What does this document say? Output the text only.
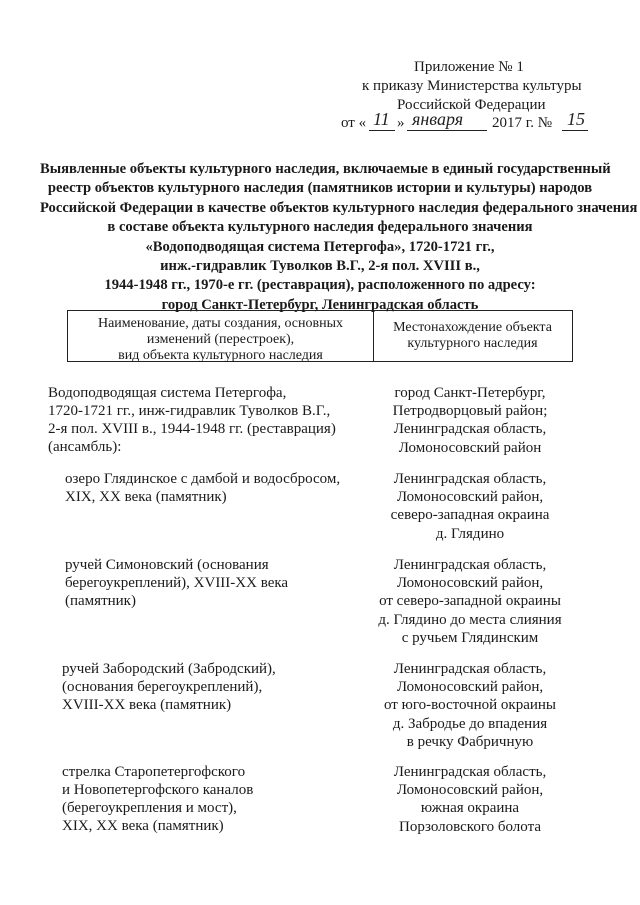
Приложение № 1
к приказу Министерства культуры
Российской Федерации
от « 11 » января 2017 г. № 15
Выявленные объекты культурного наследия, включаемые в единый государственный
реестр объектов культурного наследия (памятников истории и культуры) народов
Российской Федерации в качестве объектов культурного наследия федерального значения
в составе объекта культурного наследия федерального значения
«Водоподводящая система Петергофа», 1720-1721 гг.,
инж.-гидравлик Туволков В.Г., 2-я пол. XVIII в.,
1944-1948 гг., 1970-е гг. (реставрация), расположенного по адресу:
город Санкт-Петербург, Ленинградская область
Наименование, даты создания, основных
изменений (перестроек),
вид объекта культурного наследия
Местонахождение объекта
культурного наследия
Водоподводящая система Петергофа,
1720-1721 гг., инж-гидравлик Туволков В.Г.,
2-я пол. XVIII в., 1944-1948 гг. (реставрация)
(ансамбль):
город Санкт-Петербург,
Петродворцовый район;
Ленинградская область,
Ломоносовский район
озеро Глядинское с дамбой и водосбросом,
XIX, XX века (памятник)
Ленинградская область,
Ломоносовский район,
северо-западная окраина
д. Глядино
ручей Симоновский (основания
берегоукреплений), XVIII-XX века
(памятник)
Ленинградская область,
Ломоносовский район,
от северо-западной окраины
д. Глядино до места слияния
с ручьем Глядинским
ручей Забородский (Забродский),
(основания берегоукреплений),
XVIII-XX века (памятник)
Ленинградская область,
Ломоносовский район,
от юго-восточной окраины
д. Забродье до впадения
в речку Фабричную
стрелка Старопетергофского
и Новопетергофского каналов
(берегоукрепления и мост),
XIX, XX века (памятник)
Ленинградская область,
Ломоносовский район,
южная окраина
Порзоловского болота
